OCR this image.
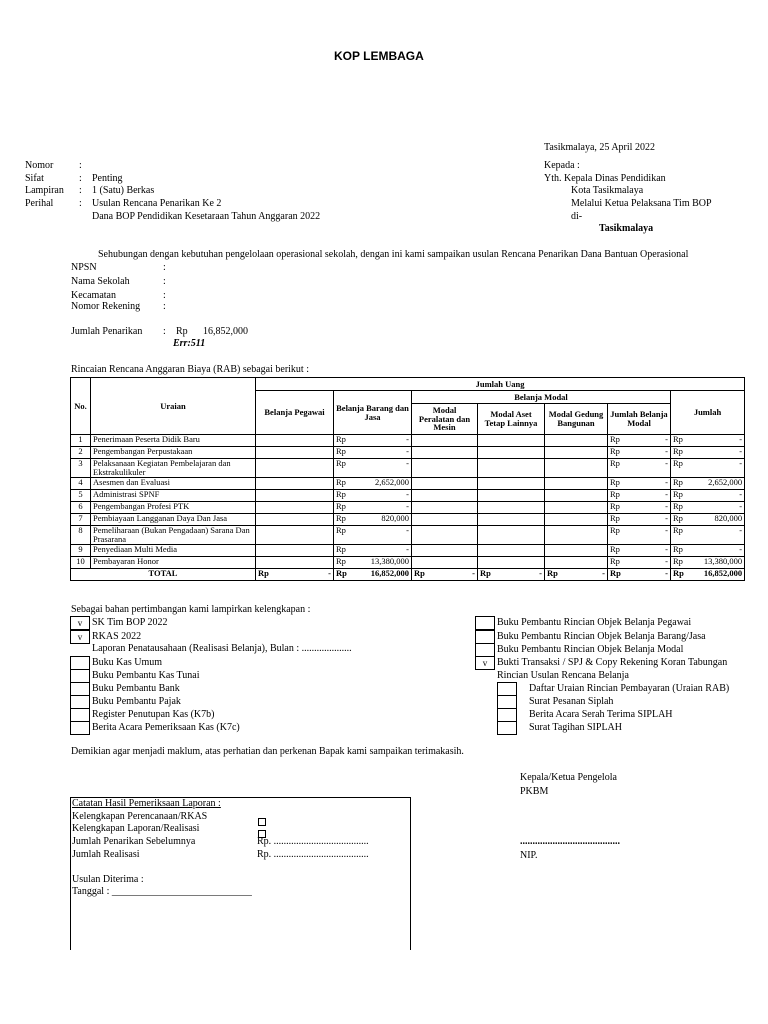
KOP LEMBAGA
Tasikmalaya, 25 April 2022
Nomor	:
Sifat	: Penting
Lampiran : 1 (Satu) Berkas
Perihal	: Usulan Rencana Penarikan Ke 2
Dana BOP Pendidikan Kesetaraan Tahun Anggaran 2022
Kepada :
Yth. Kepala Dinas Pendidikan
Kota Tasikmalaya
Melalui Ketua Pelaksana Tim BOP
di-
Tasikmalaya
Sehubungan dengan kebutuhan pengelolaan operasional sekolah, dengan ini kami sampaikan usulan Rencana Penarikan Dana Bantuan Operasional
NPSN	:
Nama Sekolah	:
Kecamatan	:
Nomor Rekening :
Jumlah Penarikan : Rp 16,852,000
Err:511
Rincaian Rencana Anggaran Biaya (RAB) sebagai berikut :
No.	Uraian	Jumlah Uang						
		Belanja Pegawai	Belanja Barang dan Jasa	Belanja Modal				Jumlah
				Modal Peralatan dan Mesin	Modal Aset Tetap Lainnya	Modal Gedung Bangunan	Jumlah Belanja Modal	
1	Penerimaan Peserta Didik Baru		Rp -				Rp -	Rp -

2	Pengembangan Perpustakaan		Rp -				Rp -	Rp -

3	Pelaksanaan Kegiatan Pembelajaran dan Ekstrakulikuler		Rp -				Rp -	Rp -

4	Asesmen dan Evaluasi		Rp 2,652,000				Rp -	Rp 2,652,000

5	Administrasi SPNF		Rp -				Rp -	Rp -

6	Pengembangan Profesi PTK		Rp -				Rp -	Rp -

7	Pembiayaan Langganan Daya Dan Jasa		Rp 820,000				Rp -	Rp 820,000

8	Pemeliharaan (Bukan Pengadaan) Sarana Dan Prasarana		Rp -				Rp -	Rp -

9	Penyediaan Multi Media		Rp -				Rp -	Rp -

10	Pembayaran Honor		Rp 13,380,000				Rp -	Rp 13,380,000

TOTAL		Rp -	Rp 16,852,000	Rp -	Rp -	Rp -	Rp -	Rp 16,852,000
Sebagai bahan pertimbangan kami lampirkan kelengkapan :
v SK Tim BOP 2022
v RKAS 2022
Laporan Penatausahaan (Realisasi Belanja), Bulan : ....................
Buku Kas Umum
Buku Pembantu Kas Tunai
Buku Pembantu Bank
Buku Pembantu Pajak
Register Penutupan Kas (K7b)
Berita Acara Pemeriksaan Kas (K7c)
Buku Pembantu Rincian Objek Belanja Pegawai
Buku Pembantu Rincian Objek Belanja Barang/Jasa
Buku Pembantu Rincian Objek Belanja Modal
v Bukti Transaksi / SPJ & Copy Rekening Koran Tabungan
Rincian Usulan Rencana Belanja
Daftar Uraian Rincian Pembayaran (Uraian RAB)
Surat Pesanan Siplah
Berita Acara Serah Terima SIPLAH
Surat Tagihan SIPLAH
Demikian agar menjadi maklum, atas perhatian dan perkenan Bapak kami sampaikan terimakasih.
Kepala/Ketua Pengelola
PKBM
........................................
NIP.
Catatan Hasil Pemeriksaan Laporan :
Kelengkapan Perencanaan/RKAS
Kelengkapan Laporan/Realisasi
Jumlah Penarikan Sebelumnya	Rp. ......................................
Jumlah Realisasi	Rp. ......................................
Usulan Diterima :
Tanggal : ____________________________
